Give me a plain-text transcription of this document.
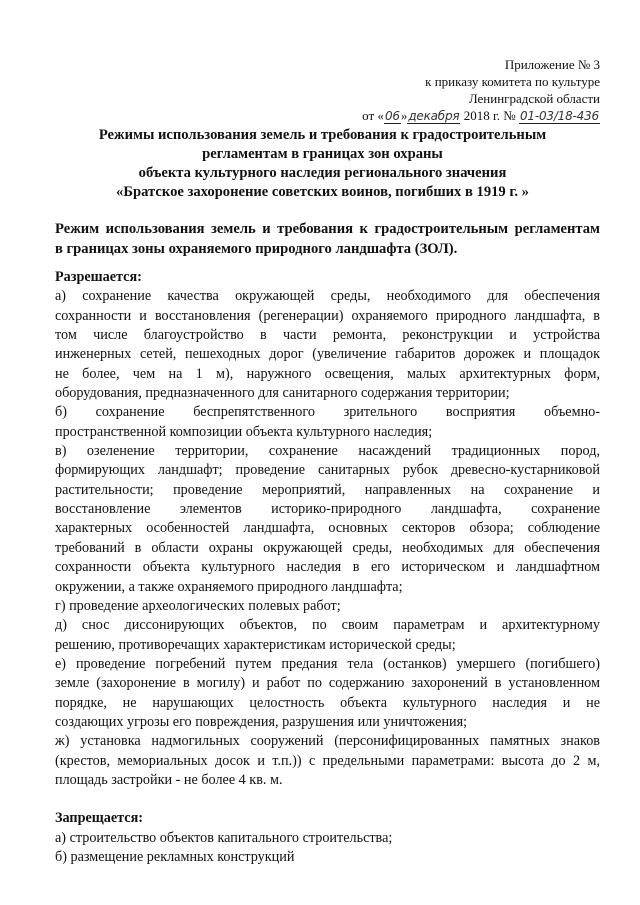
Приложение № 3
к приказу комитета по культуре
Ленинградской области
от «06»декабря 2018 г. № 01-03/18-436
Режимы использования земель и требования к градостроительным
регламентам в границах зон охраны
объекта культурного наследия регионального значения
«Братское захоронение советских воинов, погибших в 1919 г. »
Режим использования земель и требования к градостроительным регламентам
в границах зоны охраняемого природного ландшафта (ЗОЛ).
Разрешается:
а) сохранение качества окружающей среды, необходимого для обеспечения
сохранности и восстановления (регенерации) охраняемого природного ландшафта, в
том числе благоустройство в части ремонта, реконструкции и устройства
инженерных сетей, пешеходных дорог (увеличение габаритов дорожек и площадок
не более, чем на 1 м), наружного освещения, малых архитектурных форм,
оборудования, предназначенного для санитарного содержания территории;
б) сохранение беспрепятственного зрительного восприятия объемно-
пространственной композиции объекта культурного наследия;
в) озеленение территории, сохранение насаждений традиционных пород,
формирующих ландшафт; проведение санитарных рубок древесно-кустарниковой
растительности; проведение мероприятий, направленных на сохранение и
восстановление элементов историко-природного ландшафта, сохранение
характерных особенностей ландшафта, основных секторов обзора; соблюдение
требований в области охраны окружающей среды, необходимых для обеспечения
сохранности объекта культурного наследия в его историческом и ландшафтном
окружении, а также охраняемого природного ландшафта;
г) проведение археологических полевых работ;
д) снос диссонирующих объектов, по своим параметрам и архитектурному
решению, противоречащих характеристикам исторической среды;
е) проведение погребений путем предания тела (останков) умершего (погибшего)
земле (захоронение в могилу) и работ по содержанию захоронений в установленном
порядке, не нарушающих целостность объекта культурного наследия и не
создающих угрозы его повреждения, разрушения или уничтожения;
ж) установка надмогильных сооружений (персонифицированных памятных знаков
(крестов, мемориальных досок и т.п.)) с предельными параметрами: высота до 2 м,
площадь застройки - не более 4 кв. м.
Запрещается:
а) строительство объектов капитального строительства;
б) размещение рекламных конструкций
